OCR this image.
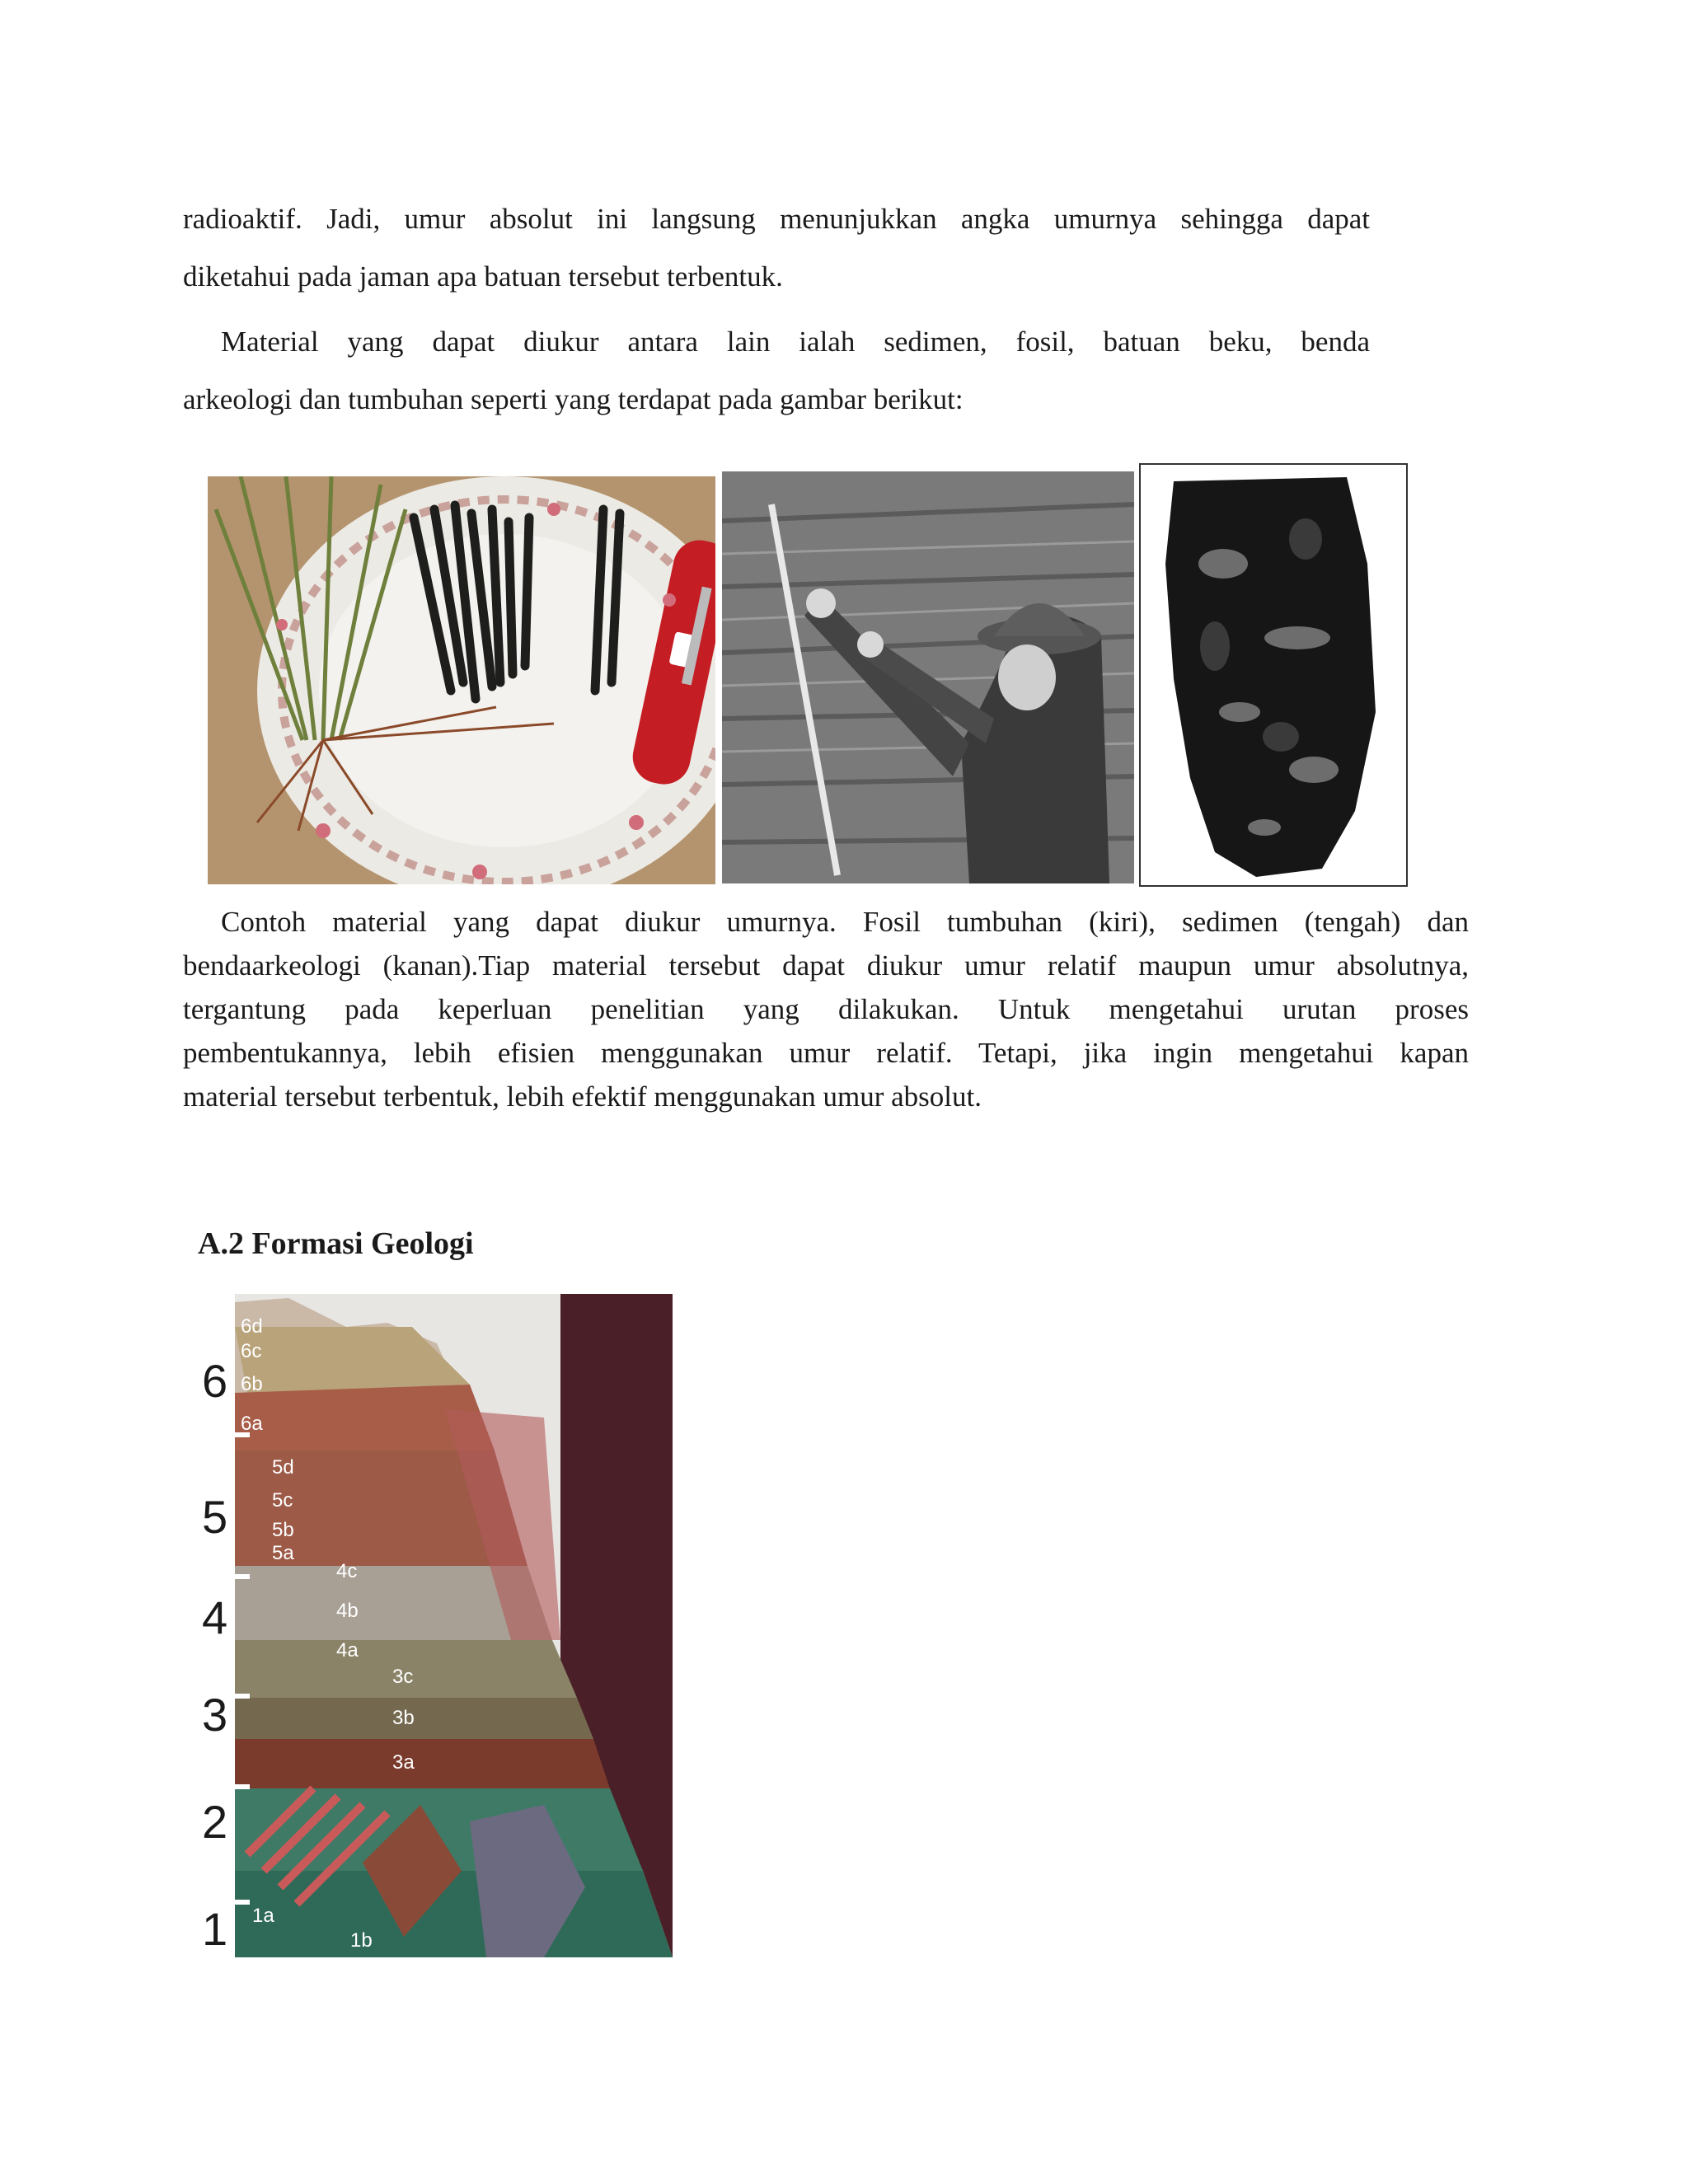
radioaktif. Jadi, umur absolut ini langsung menunjukkan angka umurnya sehingga dapat
diketahui pada jaman apa batuan tersebut terbentuk.
Material yang dapat diukur antara lain ialah sedimen, fosil, batuan beku, benda
arkeologi dan tumbuhan seperti yang terdapat pada gambar berikut:
Contoh material yang dapat diukur umurnya. Fosil tumbuhan (kiri), sedimen (tengah) dan
bendaarkeologi (kanan).Tiap material tersebut dapat diukur umur relatif maupun umur absolutnya,
tergantung pada keperluan penelitian yang dilakukan. Untuk mengetahui urutan proses
pembentukannya, lebih efisien menggunakan umur relatif. Tetapi, jika ingin mengetahui kapan
material tersebut terbentuk, lebih efektif menggunakan umur absolut.
A.2 Formasi Geologi
6
5
4
3
2
1
6d
6c
6b
6a
5d
5c
5b
5a
4c
4b
4a
3c
3b
3a
1a
1b
